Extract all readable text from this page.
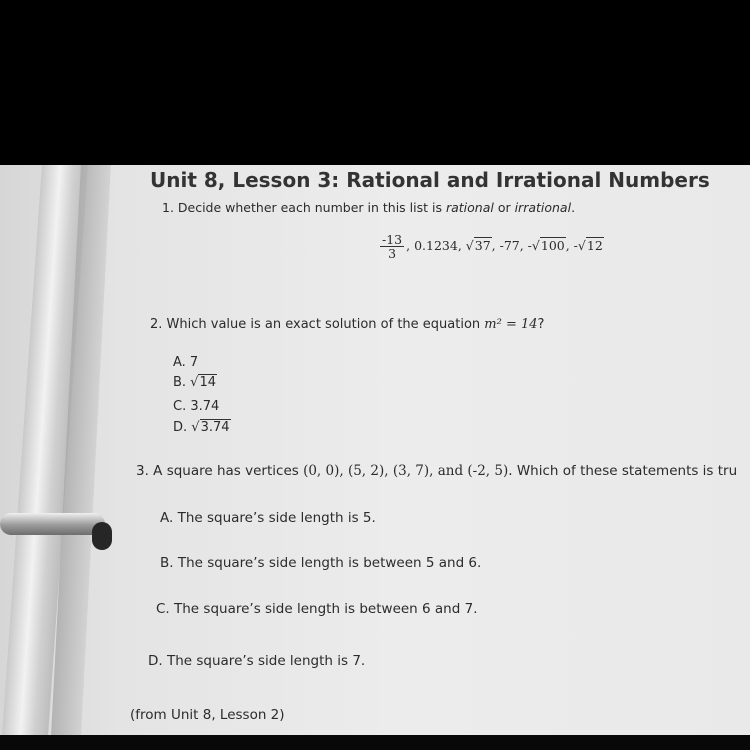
Unit 8, Lesson 3: Rational and Irrational Numbers
1. Decide whether each number in this list is rational or irrational.
$\frac{-13}{3}$ , 0.1234, √37, -77, -√100, -√12
2. Which value is an exact solution of the equation m² = 14?
A. 7
B. √14
C. 3.74
D. √3.74
3. A square has vertices (0, 0), (5, 2), (3, 7), and (-2, 5). Which of these statements is tru
A. The square’s side length is 5.
B. The square’s side length is between 5 and 6.
C. The square’s side length is between 6 and 7.
D. The square’s side length is 7.
(from Unit 8, Lesson 2)
